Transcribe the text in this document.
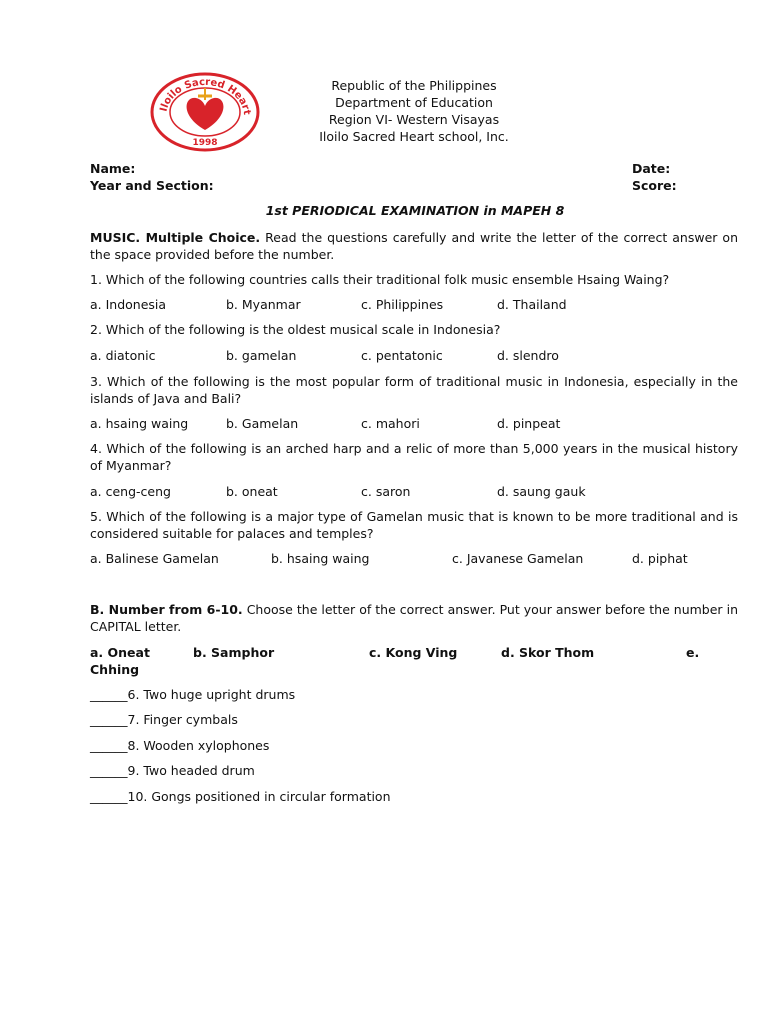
Iloilo Sacred Heart
1998
Republic of the Philippines
Department of Education
Region VI- Western Visayas
Iloilo Sacred Heart school, Inc.
Name:
Year and Section:
Date:
Score:
1st PERIODICAL EXAMINATION in MAPEH 8
MUSIC. Multiple Choice. Read the questions carefully and write the letter of the correct answer on the space provided before the number.
1. Which of the following countries calls their traditional folk music ensemble Hsaing Waing?
a. Indonesia	b. Myanmar	c. Philippines	d. Thailand
2. Which of the following is the oldest musical scale in Indonesia?
a. diatonic	b. gamelan	c. pentatonic	d. slendro
3. Which of the following is the most popular form of traditional music in Indonesia, especially in the islands of Java and Bali?
a. hsaing waing	b. Gamelan	c. mahori	d. pinpeat
4. Which of the following is an arched harp and a relic of more than 5,000 years in the musical history of Myanmar?
a. ceng-ceng	b. oneat	c. saron	d. saung gauk
5. Which of the following is a major type of Gamelan music that is known to be more traditional and is considered suitable for palaces and temples?
a. Balinese Gamelan	b. hsaing waing	c. Javanese Gamelan	d. piphat
B. Number from 6-10. Choose the letter of the correct answer. Put your answer before the number in CAPITAL letter.
a. Oneat	b. Samphor	c. Kong Ving	d. Skor Thom	e.
Chhing
______6. Two huge upright drums
______7. Finger cymbals
______8. Wooden xylophones
______9. Two headed drum
______10. Gongs positioned in circular formation
